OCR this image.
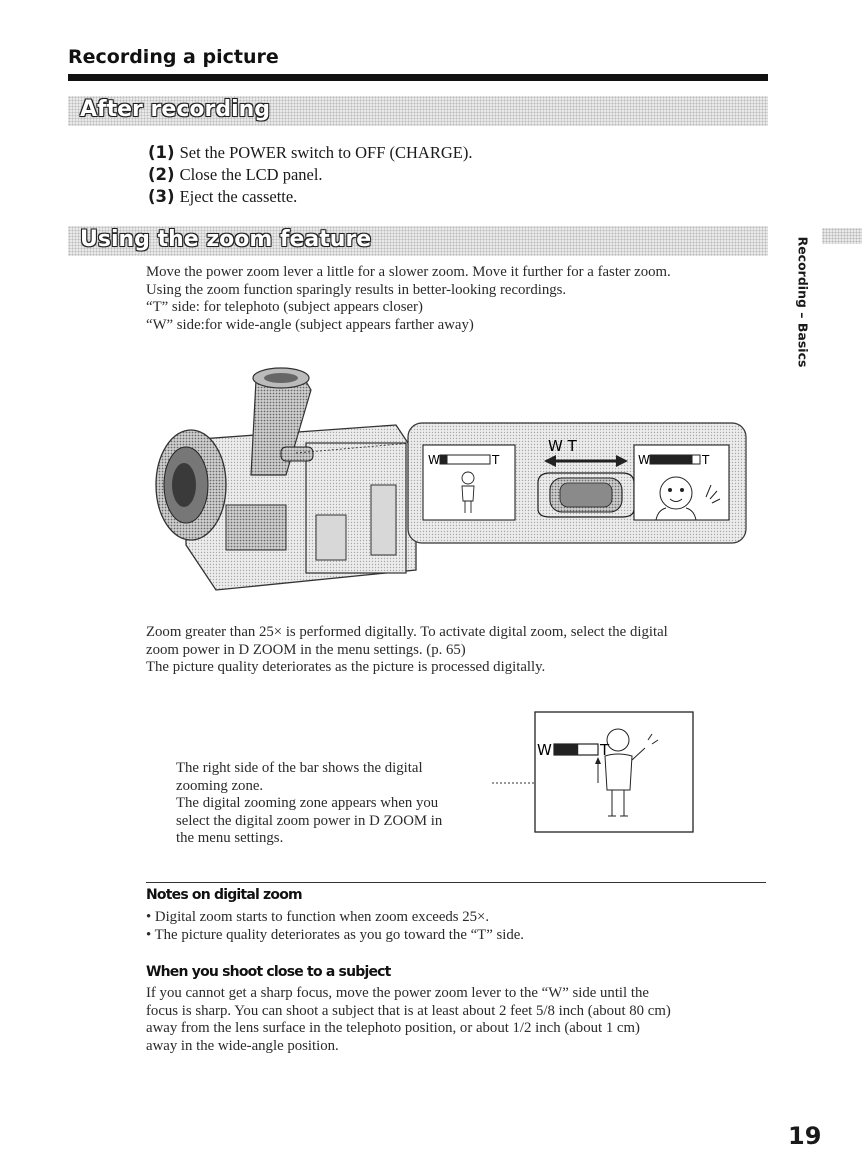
Recording a picture
After recording
(1) Set the POWER switch to OFF (CHARGE).
(2) Close the LCD panel.
(3) Eject the cassette.
Recording – Basics
Using the zoom feature
Move the power zoom lever a little for a slower zoom. Move it further for a faster zoom.
Using the zoom function sparingly results in better-looking recordings.
“T” side: for telephoto (subject appears closer)
“W” side:for wide-angle (subject appears farther away)
W	T
W T
W	T
Zoom greater than 25× is performed digitally. To activate digital zoom, select the digital
zoom power in D ZOOM in the menu settings. (p. 65)
The picture quality deteriorates as the picture is processed digitally.
The right side of the bar shows the digital
zooming zone.
The digital zooming zone appears when you
select the digital zoom power in D ZOOM in
the menu settings.
W	T
Notes on digital zoom
• Digital zoom starts to function when zoom exceeds 25×.
• The picture quality deteriorates as you go toward the “T” side.
When you shoot close to a subject
If you cannot get a sharp focus, move the power zoom lever to the “W” side until the
focus is sharp. You can shoot a subject that is at least about 2 feet 5/8 inch (about 80 cm)
away from the lens surface in the telephoto position, or about 1/2 inch (about 1 cm)
away in the wide-angle position.
19
